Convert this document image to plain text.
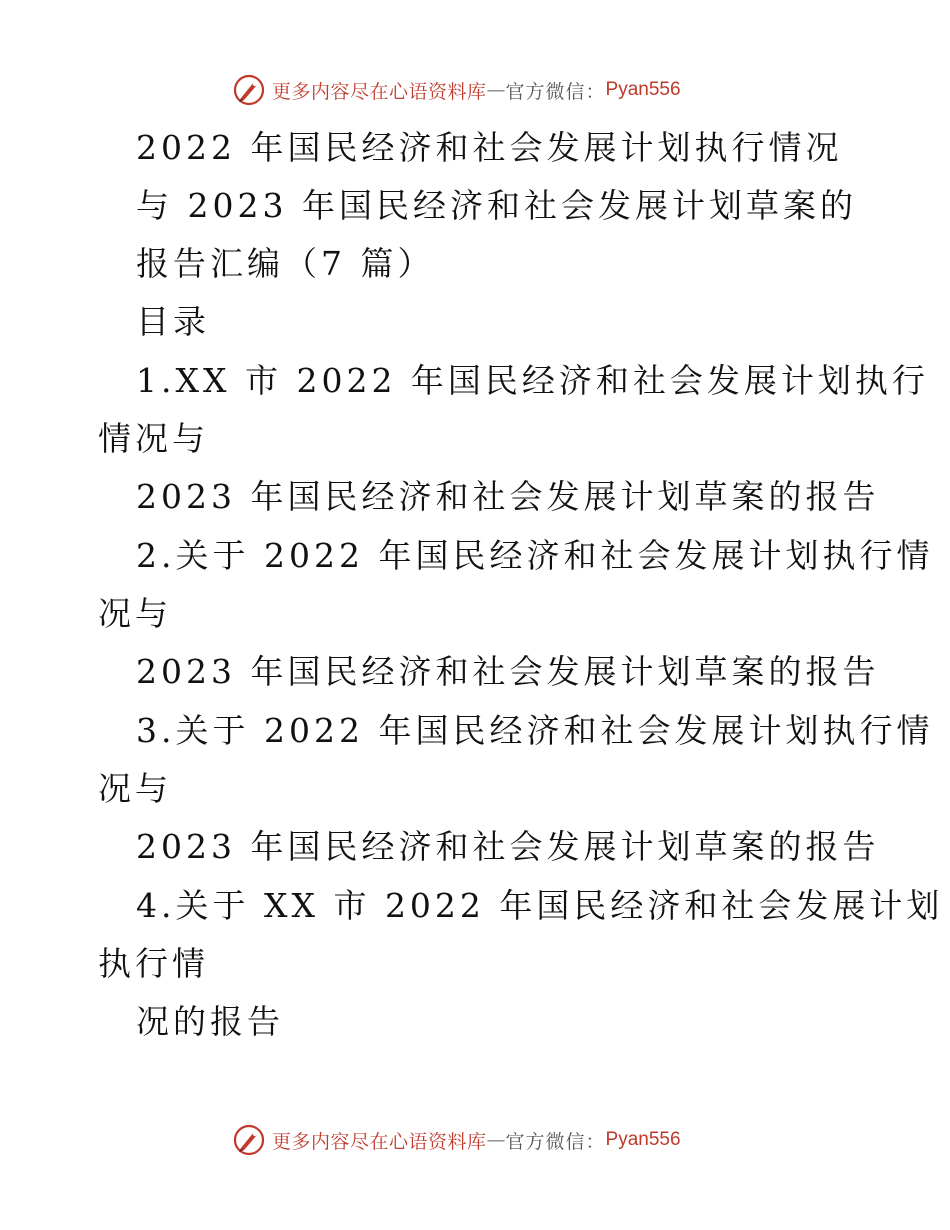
更多内容尽在心语资料库 — 官方微信： Pyan556
2022 年国民经济和社会发展计划执行情况
与 2023 年国民经济和社会发展计划草案的
报告汇编（7 篇）
目录
1.XX 市 2022 年国民经济和社会发展计划执行
情况与
2023 年国民经济和社会发展计划草案的报告
2.关于 2022 年国民经济和社会发展计划执行情
况与
2023 年国民经济和社会发展计划草案的报告
3.关于 2022 年国民经济和社会发展计划执行情
况与
2023 年国民经济和社会发展计划草案的报告
4.关于 XX 市 2022 年国民经济和社会发展计划
执行情
况的报告
更多内容尽在心语资料库 — 官方微信： Pyan556
